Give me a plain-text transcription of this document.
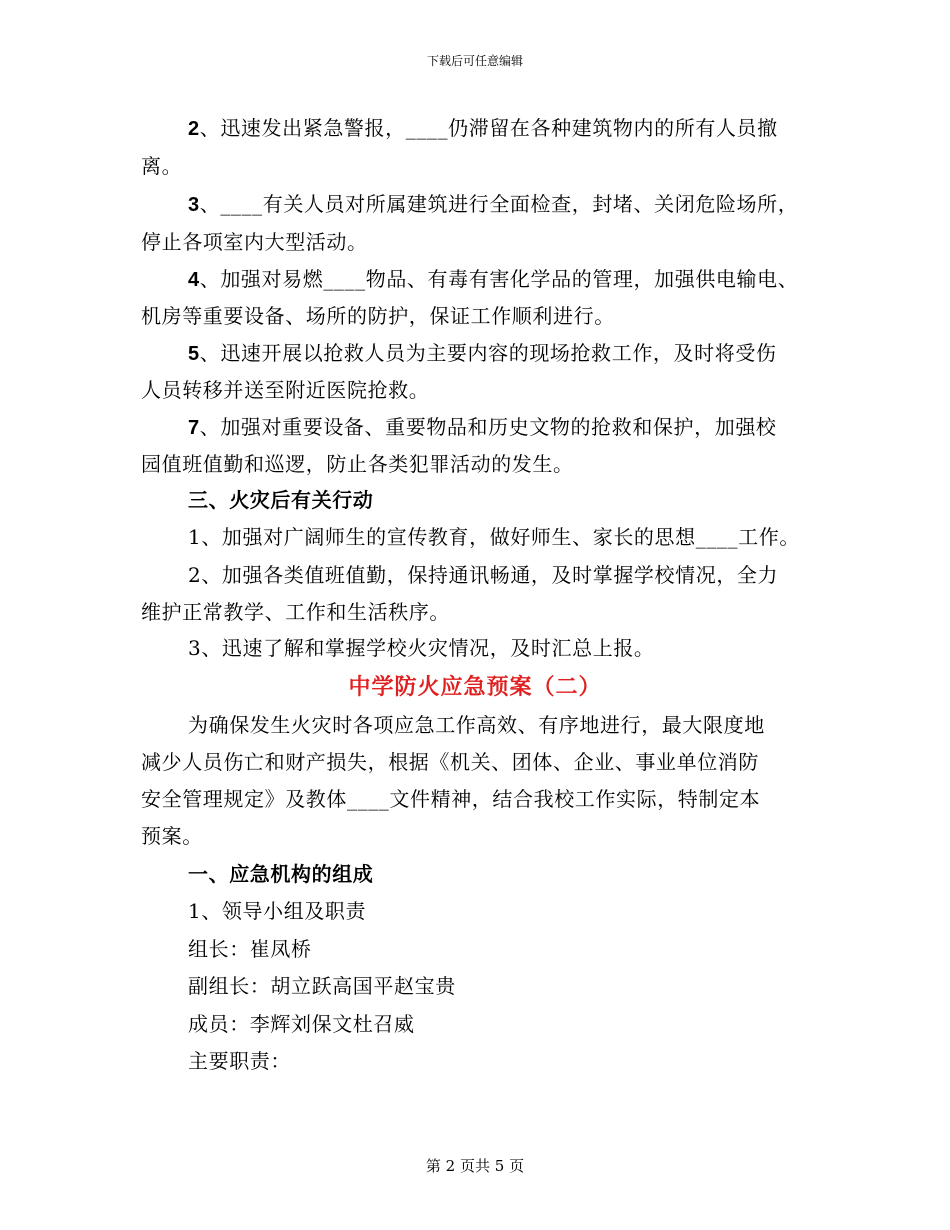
下载后可任意编辑
2、迅速发出紧急警报，____仍滞留在各种建筑物内的所有人员撤
离。
3、____有关人员对所属建筑进行全面检查，封堵、关闭危险场所，
停止各项室内大型活动。
4、加强对易燃____物品、有毒有害化学品的管理，加强供电输电、
机房等重要设备、场所的防护，保证工作顺利进行。
5、迅速开展以抢救人员为主要内容的现场抢救工作，及时将受伤
人员转移并送至附近医院抢救。
7、加强对重要设备、重要物品和历史文物的抢救和保护，加强校
园值班值勤和巡逻，防止各类犯罪活动的发生。
三、火灾后有关行动
1、加强对广阔师生的宣传教育，做好师生、家长的思想____工作。
2、加强各类值班值勤，保持通讯畅通，及时掌握学校情况，全力
维护正常教学、工作和生活秩序。
3、迅速了解和掌握学校火灾情况，及时汇总上报。
中学防火应急预案（二）
为确保发生火灾时各项应急工作高效、有序地进行，最大限度地
减少人员伤亡和财产损失，根据《机关、团体、企业、事业单位消防
安全管理规定》及教体____文件精神，结合我校工作实际，特制定本
预案。
一、应急机构的组成
1、领导小组及职责
组长：崔凤桥
副组长：胡立跃高国平赵宝贵
成员：李辉刘保文杜召威
主要职责：
第 2 页共 5 页
